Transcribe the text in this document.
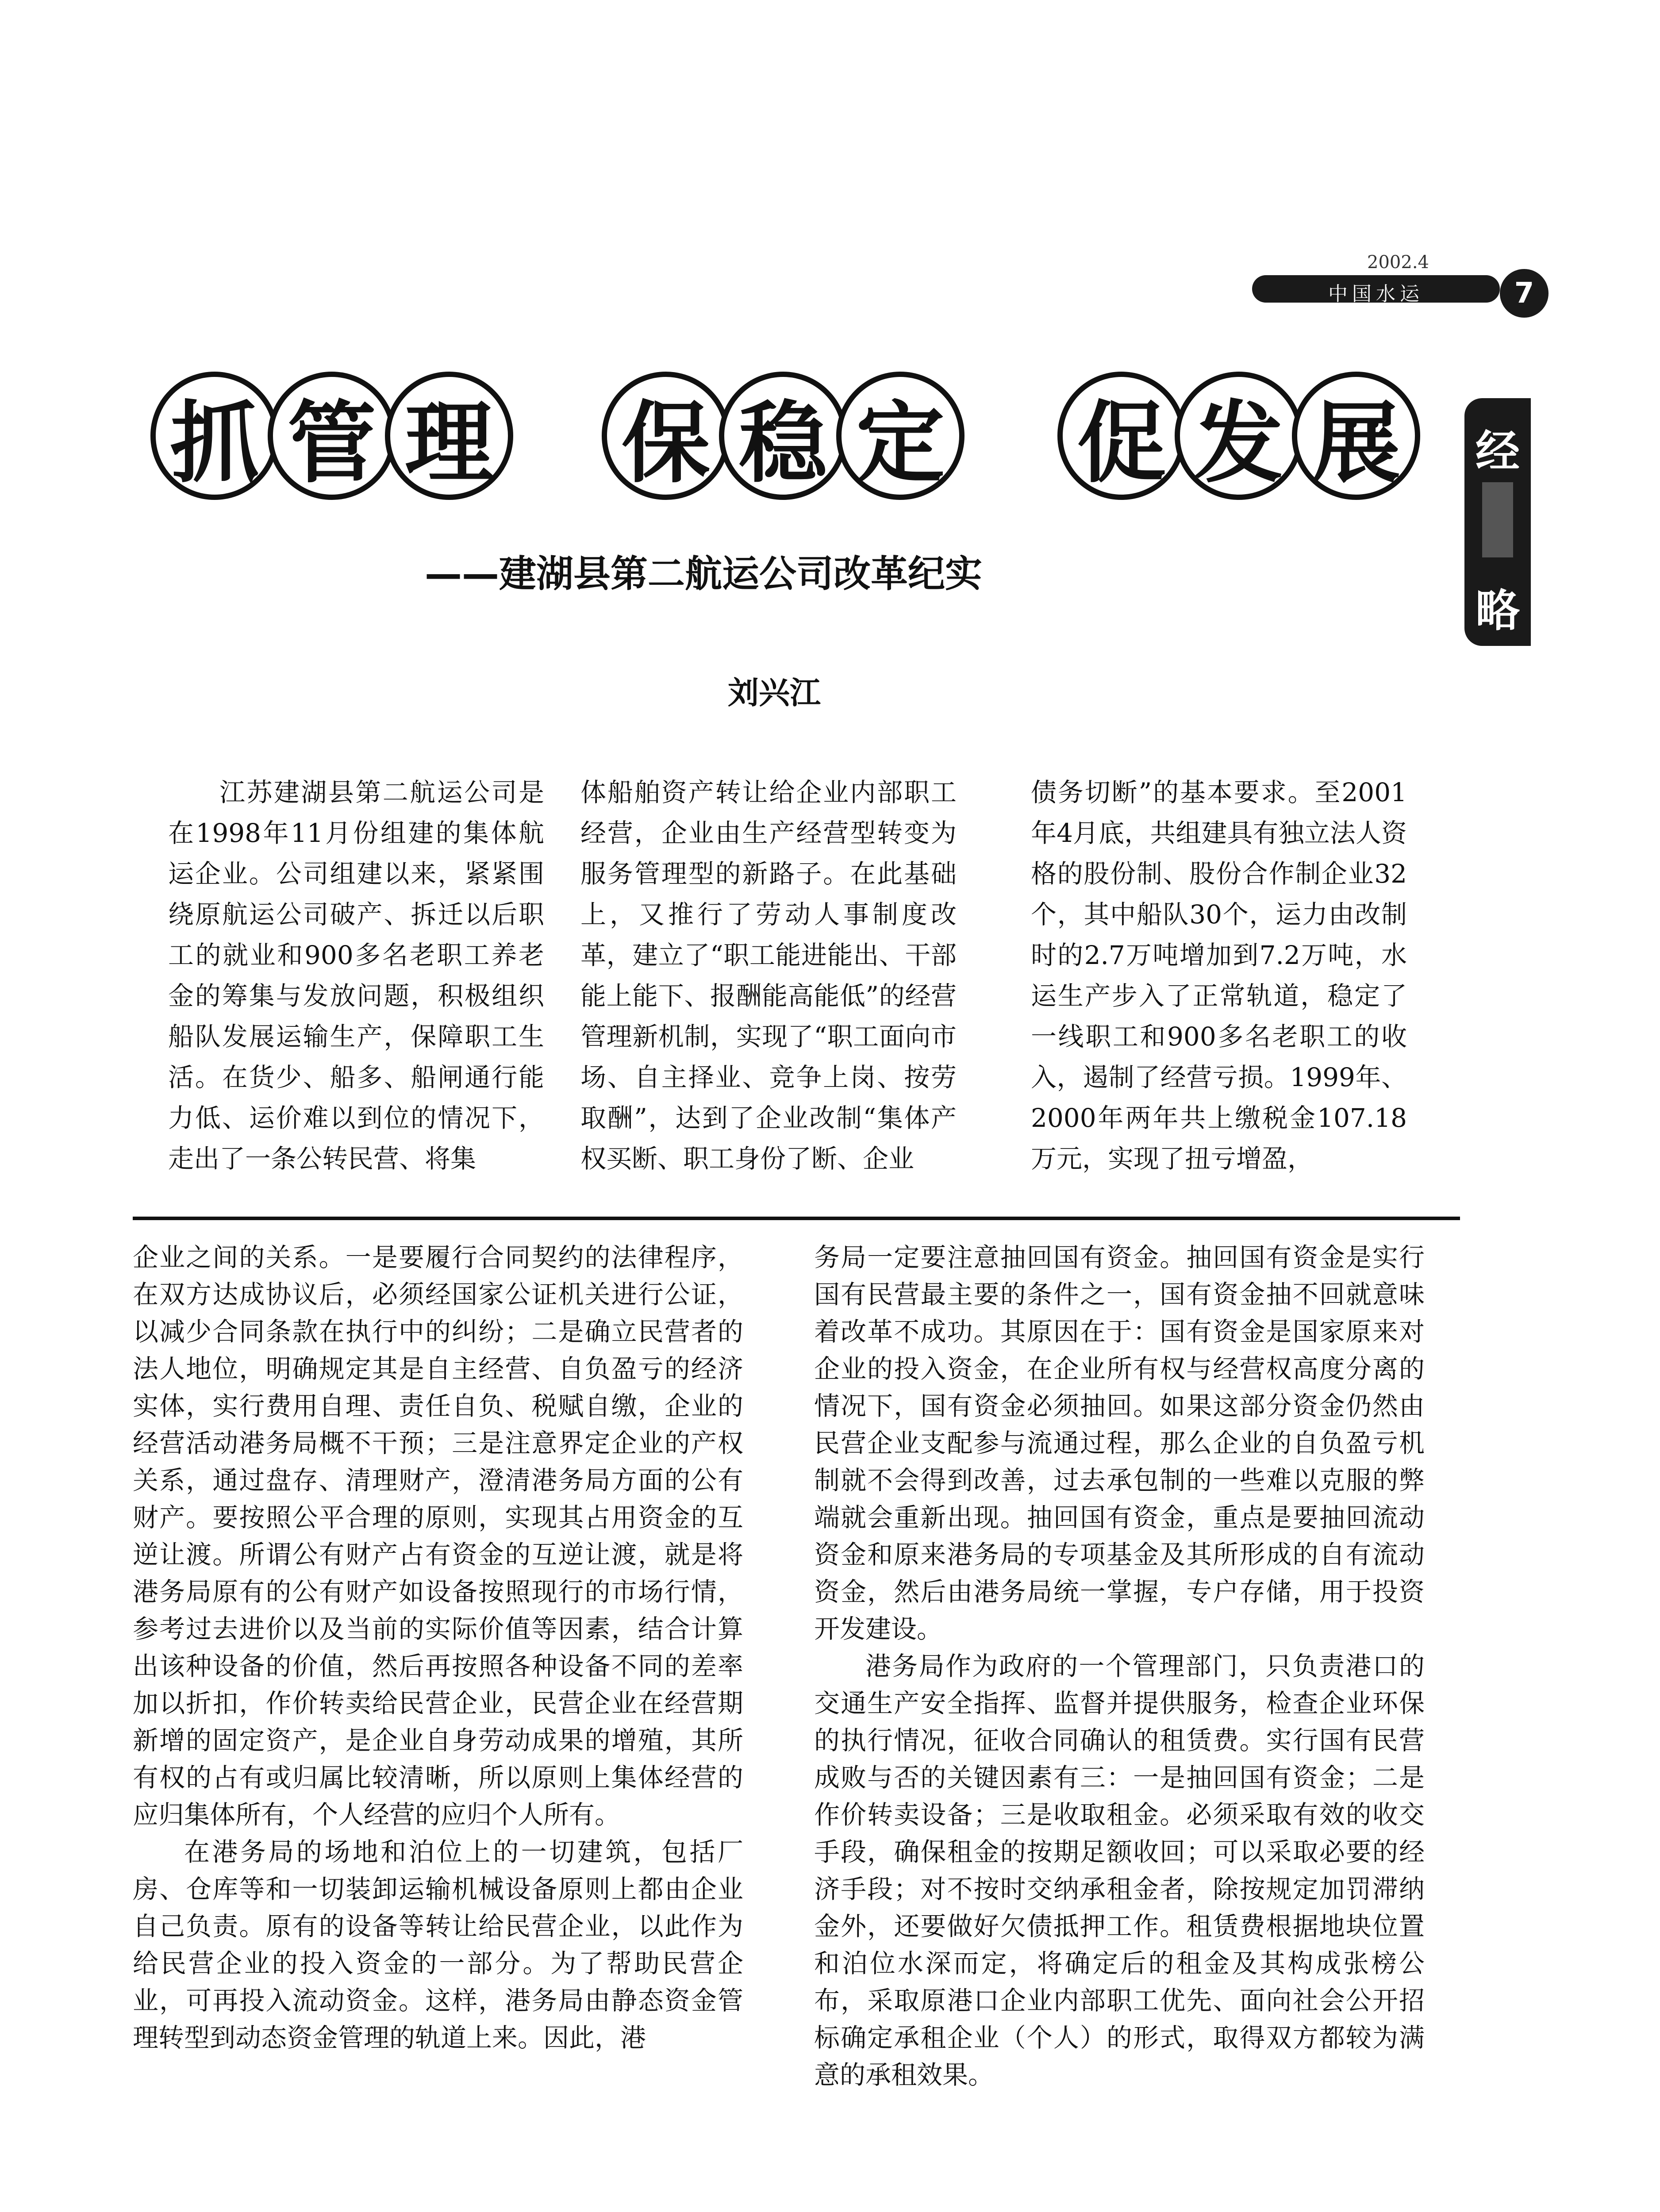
2002.4
中国水运	7
抓 管 理 保 稳 定 促 发 展	经
略
——建湖县第二航运公司改革纪实
刘兴江

江苏建湖县第二航运公司是在1998年11月份组建的集体航运企业。公司组建以来，紧紧围绕原航运公司破产、拆迁以后职工的就业和900多名老职工养老金的筹集与发放问题，积极组织船队发展运输生产，保障职工生活。在货少、船多、船闸通行能力低、运价难以到位的情况下，走出了一条公转民营、将集

体船舶资产转让给企业内部职工经营，企业由生产经营型转变为服务管理型的新路子。在此基础上，又推行了劳动人事制度改革，建立了“职工能进能出、干部能上能下、报酬能高能低”的经营管理新机制，实现了“职工面向市场、自主择业、竞争上岗、按劳取酬”，达到了企业改制“集体产权买断、职工身份了断、企业

债务切断”的基本要求。至2001年4月底，共组建具有独立法人资格的股份制、股份合作制企业32个，其中船队30个，运力由改制时的2.7万吨增加到7.2万吨，水运生产步入了正常轨道，稳定了一线职工和900多名老职工的收入，遏制了经营亏损。1999年、2000年两年共上缴税金107.18万元，实现了扭亏增盈，

企业之间的关系。一是要履行合同契约的法律程序，在双方达成协议后，必须经国家公证机关进行公证，以减少合同条款在执行中的纠纷；二是确立民营者的法人地位，明确规定其是自主经营、自负盈亏的经济实体，实行费用自理、责任自负、税赋自缴，企业的经营活动港务局概不干预；三是注意界定企业的产权关系，通过盘存、清理财产，澄清港务局方面的公有财产。要按照公平合理的原则，实现其占用资金的互逆让渡。所谓公有财产占有资金的互逆让渡，就是将港务局原有的公有财产如设备按照现行的市场行情，参考过去进价以及当前的实际价值等因素，结合计算出该种设备的价值，然后再按照各种设备不同的差率加以折扣，作价转卖给民营企业，民营企业在经营期新增的固定资产，是企业自身劳动成果的增殖，其所有权的占有或归属比较清晰，所以原则上集体经营的应归集体所有，个人经营的应归个人所有。

在港务局的场地和泊位上的一切建筑，包括厂房、仓库等和一切装卸运输机械设备原则上都由企业自己负责。原有的设备等转让给民营企业，以此作为给民营企业的投入资金的一部分。为了帮助民营企业，可再投入流动资金。这样，港务局由静态资金管理转型到动态资金管理的轨道上来。因此，港

务局一定要注意抽回国有资金。抽回国有资金是实行国有民营最主要的条件之一，国有资金抽不回就意味着改革不成功。其原因在于：国有资金是国家原来对企业的投入资金，在企业所有权与经营权高度分离的情况下，国有资金必须抽回。如果这部分资金仍然由民营企业支配参与流通过程，那么企业的自负盈亏机制就不会得到改善，过去承包制的一些难以克服的弊端就会重新出现。抽回国有资金，重点是要抽回流动资金和原来港务局的专项基金及其所形成的自有流动资金，然后由港务局统一掌握，专户存储，用于投资开发建设。

港务局作为政府的一个管理部门，只负责港口的交通生产安全指挥、监督并提供服务，检查企业环保的执行情况，征收合同确认的租赁费。实行国有民营成败与否的关键因素有三：一是抽回国有资金；二是作价转卖设备；三是收取租金。必须采取有效的收交手段，确保租金的按期足额收回；可以采取必要的经济手段；对不按时交纳承租金者，除按规定加罚滞纳金外，还要做好欠债抵押工作。租赁费根据地块位置和泊位水深而定，将确定后的租金及其构成张榜公布，采取原港口企业内部职工优先、面向社会公开招标确定承租企业（个人）的形式，取得双方都较为满意的承租效果。
